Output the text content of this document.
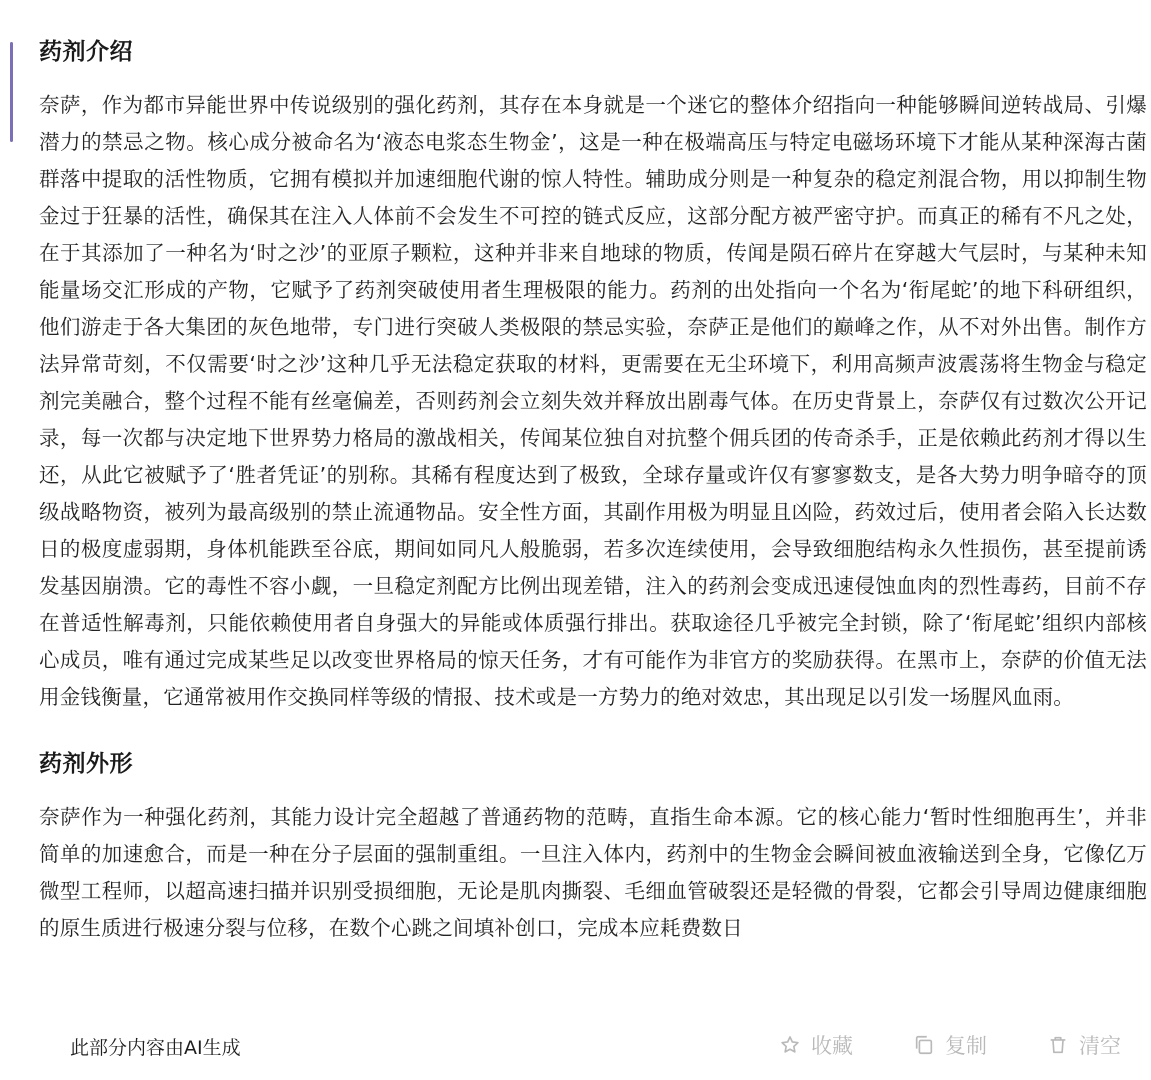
药剂介绍

奈萨，作为都市异能世界中传说级别的强化药剂，其存在本身就是一个迷它的整体介绍指向一种能够瞬间逆转战局、引爆潜力的禁忌之物。核心成分被命名为‘液态电浆态生物金’，这是一种在极端高压与特定电磁场环境下才能从某种深海古菌群落中提取的活性物质，它拥有模拟并加速细胞代谢的惊人特性。辅助成分则是一种复杂的稳定剂混合物，用以抑制生物金过于狂暴的活性，确保其在注入人体前不会发生不可控的链式反应，这部分配方被严密守护。而真正的稀有不凡之处，在于其添加了一种名为‘时之沙’的亚原子颗粒，这种并非来自地球的物质，传闻是陨石碎片在穿越大气层时，与某种未知能量场交汇形成的产物，它赋予了药剂突破使用者生理极限的能力。药剂的出处指向一个名为‘衔尾蛇’的地下科研组织，他们游走于各大集团的灰色地带，专门进行突破人类极限的禁忌实验，奈萨正是他们的巅峰之作，从不对外出售。制作方法异常苛刻，不仅需要‘时之沙’这种几乎无法稳定获取的材料，更需要在无尘环境下，利用高频声波震荡将生物金与稳定剂完美融合，整个过程不能有丝毫偏差，否则药剂会立刻失效并释放出剧毒气体。在历史背景上，奈萨仅有过数次公开记录，每一次都与决定地下世界势力格局的激战相关，传闻某位独自对抗整个佣兵团的传奇杀手，正是依赖此药剂才得以生还，从此它被赋予了‘胜者凭证’的别称。其稀有程度达到了极致，全球存量或许仅有寥寥数支，是各大势力明争暗夺的顶级战略物资，被列为最高级别的禁止流通物品。安全性方面，其副作用极为明显且凶险，药效过后，使用者会陷入长达数日的极度虚弱期，身体机能跌至谷底，期间如同凡人般脆弱，若多次连续使用，会导致细胞结构永久性损伤，甚至提前诱发基因崩溃。它的毒性不容小觑，一旦稳定剂配方比例出现差错，注入的药剂会变成迅速侵蚀血肉的烈性毒药，目前不存在普适性解毒剂，只能依赖使用者自身强大的异能或体质强行排出。获取途径几乎被完全封锁，除了‘衔尾蛇’组织内部核心成员，唯有通过完成某些足以改变世界格局的惊天任务，才有可能作为非官方的奖励获得。在黑市上，奈萨的价值无法用金钱衡量，它通常被用作交换同样等级的情报、技术或是一方势力的绝对效忠，其出现足以引发一场腥风血雨。

药剂外形

奈萨作为一种强化药剂，其能力设计完全超越了普通药物的范畴，直指生命本源。它的核心能力‘暂时性细胞再生’，并非简单的加速愈合，而是一种在分子层面的强制重组。一旦注入体内，药剂中的生物金会瞬间被血液输送到全身，它像亿万微型工程师，以超高速扫描并识别受损细胞，无论是肌肉撕裂、毛细血管破裂还是轻微的骨裂，它都会引导周边健康细胞的原生质进行极速分裂与位移，在数个心跳之间填补创口，完成本应耗费数日

此部分内容由AI生成	收藏	复制	清空
